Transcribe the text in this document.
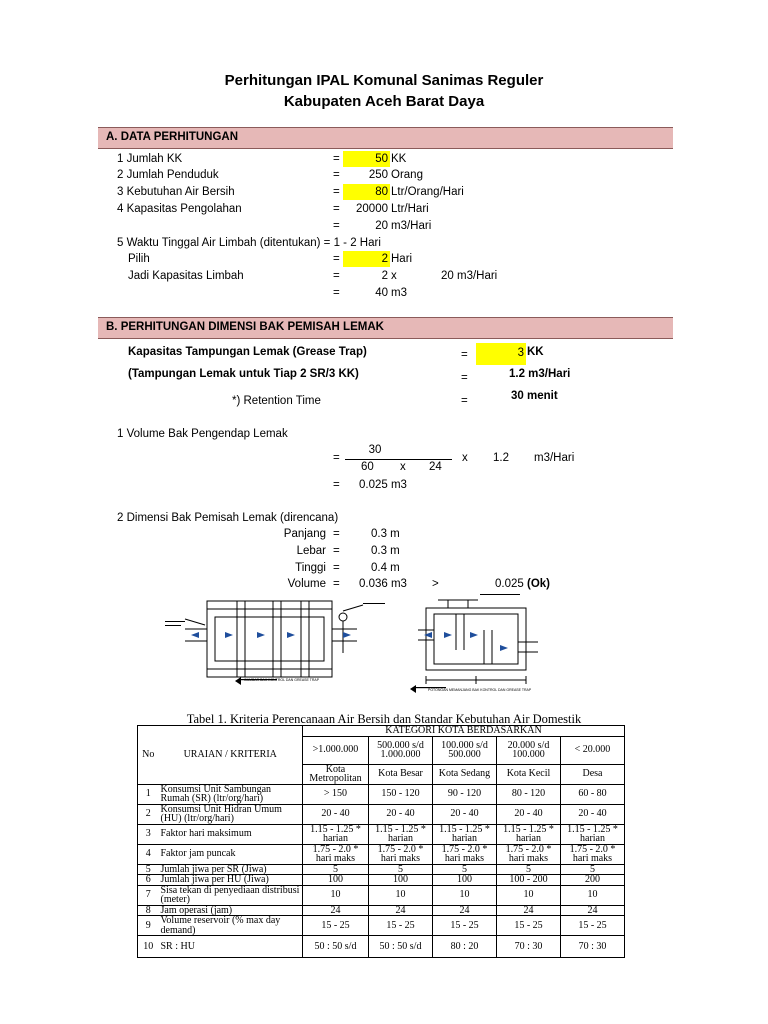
Perhitungan IPAL Komunal Sanimas Reguler
Kabupaten Aceh Barat Daya
A. DATA PERHITUNGAN
1 Jumlah KK	=	50 KK
2 Jumlah Penduduk	=	250 Orang
3 Kebutuhan Air Bersih	=	80 Ltr/Orang/Hari
4 Kapasitas Pengolahan	=	20000 Ltr/Hari
=	20 m3/Hari
5 Waktu Tinggal Air Limbah (ditentukan) = 1 - 2 Hari
Pilih	=	2 Hari
Jadi Kapasitas Limbah	=	2 x	20 m3/Hari
=	40 m3
B. PERHITUNGAN DIMENSI BAK PEMISAH LEMAK
Kapasitas Tampungan Lemak (Grease Trap)	=	3 KK
(Tampungan Lemak untuk Tiap 2 SR/3 KK)	=	1.2 m3/Hari
*) Retention Time	=	30 menit
1 Volume Bak Pengendap Lemak
30
=
60 x 24
x 1.2 m3/Hari
= 0.025 m3
2 Dimensi Bak Pemisah Lemak (direncana)
Panjang =	0.3 m
Lebar =	0.3 m
Tinggi =	0.4 m
Volume = 0.036 m3 >	0.025 (Ok)
GAMBAR BAK KONTROL DAN GREASE TRAP
POTONGAN MEMANJANG BAK KONTROL DAN GREASE TRAP
Tabel 1. Kriteria Perencanaan Air Bersih dan Standar Kebutuhan Air Domestik
No	URAIAN / KRITERIA	KATEGORI KOTA BERDASARKAN				
		>1.000.000	500.000 s/d 1.000.000	100.000 s/d 500.000	20.000 s/d 100.000	< 20.000
		Kota Metropolitan	Kota Besar	Kota Sedang	Kota Kecil	Desa
1	Konsumsi Unit Sambungan Rumah (SR) (ltr/org/hari)	> 150	150 - 120	90 - 120	80 - 120	60 - 80
2	Konsumsi Unit Hidran Umum (HU) (ltr/org/hari)	20 - 40	20 - 40	20 - 40	20 - 40	20 - 40
3	Faktor hari maksimum	1.15 - 1.25 * harian	1.15 - 1.25 * harian	1.15 - 1.25 * harian	1.15 - 1.25 * harian	1.15 - 1.25 * harian
4	Faktor jam puncak	1.75 - 2.0 * hari maks	1.75 - 2.0 * hari maks	1.75 - 2.0 * hari maks	1.75 - 2.0 * hari maks	1.75 - 2.0 * hari maks
5	Jumlah jiwa per SR (Jiwa)	5	5	5	5	5
6	Jumlah jiwa per HU (Jiwa)	100	100	100	100 - 200	200
7	Sisa tekan di penyediaan distribusi (meter)	10	10	10	10	10
8	Jam operasi (jam)	24	24	24	24	24
9	Volume reservoir (% max day demand)	15 - 25	15 - 25	15 - 25	15 - 25	15 - 25
10	SR : HU	50 : 50 s/d	50 : 50 s/d	80 : 20	70 : 30	70 : 30
